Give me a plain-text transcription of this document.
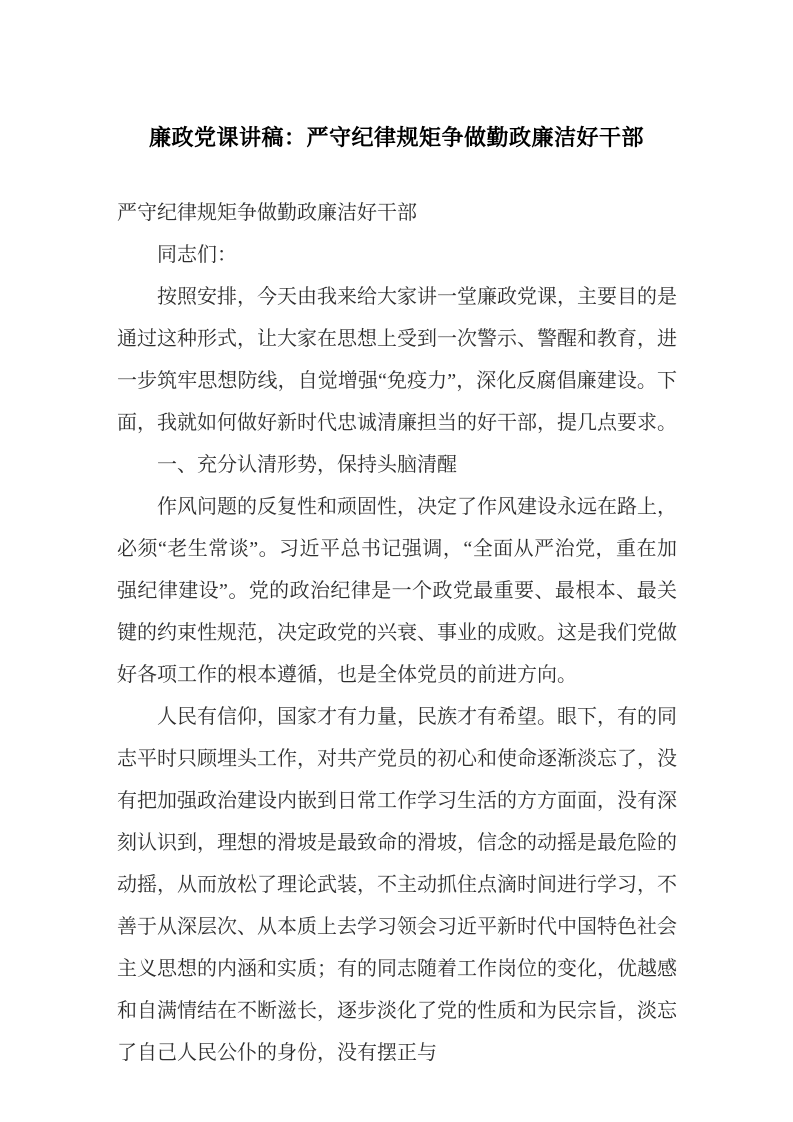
廉政党课讲稿：严守纪律规矩争做勤政廉洁好干部

严守纪律规矩争做勤政廉洁好干部

同志们：

按照安排，今天由我来给大家讲一堂廉政党课，主要目的是通过这种形式，让大家在思想上受到一次警示、警醒和教育，进一步筑牢思想防线，自觉增强“免疫力”，深化反腐倡廉建设。下面，我就如何做好新时代忠诚清廉担当的好干部，提几点要求。

一、充分认清形势，保持头脑清醒

作风问题的反复性和顽固性，决定了作风建设永远在路上，必须“老生常谈”。习近平总书记强调，“全面从严治党，重在加强纪律建设”。党的政治纪律是一个政党最重要、最根本、最关键的约束性规范，决定政党的兴衰、事业的成败。这是我们党做好各项工作的根本遵循，也是全体党员的前进方向。

人民有信仰，国家才有力量，民族才有希望。眼下，有的同志平时只顾埋头工作，对共产党员的初心和使命逐渐淡忘了，没有把加强政治建设内嵌到日常工作学习生活的方方面面，没有深刻认识到，理想的滑坡是最致命的滑坡，信念的动摇是最危险的动摇，从而放松了理论武装，不主动抓住点滴时间进行学习，不善于从深层次、从本质上去学习领会习近平新时代中国特色社会主义思想的内涵和实质；有的同志随着工作岗位的变化，优越感和自满情结在不断滋长，逐步淡化了党的性质和为民宗旨，淡忘了自己人民公仆的身份，没有摆正与
